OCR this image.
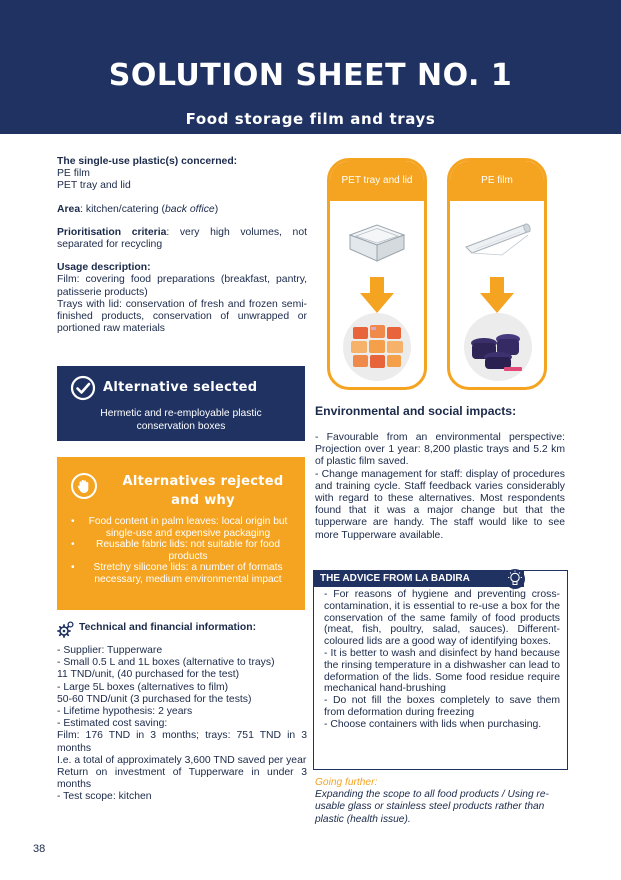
SOLUTION SHEET NO. 1
Food storage film and trays

The single-use plastic(s) concerned:
PE film
PET tray and lid

Area: kitchen/catering (back office)

Prioritisation criteria: very high volumes, not separated for recycling

Usage description:
Film: covering food preparations (breakfast, pantry, patisserie products)
Trays with lid: conservation of fresh and frozen semi-finished products, conservation of unwrapped or portioned raw materials

Alternative selected
Hermetic and re-employable plastic conservation boxes
Alternatives rejected
and why
• Food content in palm leaves: local origin but single-use and expensive packaging
• Reusable fabric lids: not suitable for food products
• Stretchy silicone lids: a number of formats necessary, medium environmental impact
Technical and financial information:
- Supplier: Tupperware
- Small 0.5 L and 1L boxes (alternative to trays)
11 TND/unit, (40 purchased for the test)
- Large 5L boxes (alternatives to film)
50-60 TND/unit (3 purchased for the tests)
- Lifetime hypothesis: 2 years
- Estimated cost saving:
Film: 176 TND in 3 months; trays: 751 TND in 3 months
I.e. a total of approximately 3,600 TND saved per year
Return on investment of Tupperware in under 3 months
- Test scope: kitchen
38
PET tray and lid	PE film
Environmental and social impacts:
- Favourable from an environmental perspective: Projection over 1 year: 8,200 plastic trays and 5.2 km of plastic film saved.
- Change management for staff: display of procedures and training cycle. Staff feedback varies considerably with regard to these alternatives. Most respondents found that it was a major change but that the tupperware are handy. The staff would like to see more Tupperware available.
THE ADVICE FROM LA BADIRA
- For reasons of hygiene and preventing cross-contamination, it is essential to re-use a box for the conservation of the same family of food products (meat, fish, poultry, salad, sauces). Different-coloured lids are a good way of identifying boxes.
- It is better to wash and disinfect by hand because the rinsing temperature in a dishwasher can lead to deformation of the lids. Some food residue require mechanical hand-brushing
- Do not fill the boxes completely to save them from deformation during freezing
- Choose containers with lids when purchasing.
Going further:
Expanding the scope to all food products / Using re-usable glass or stainless steel products rather than plastic (health issue).
